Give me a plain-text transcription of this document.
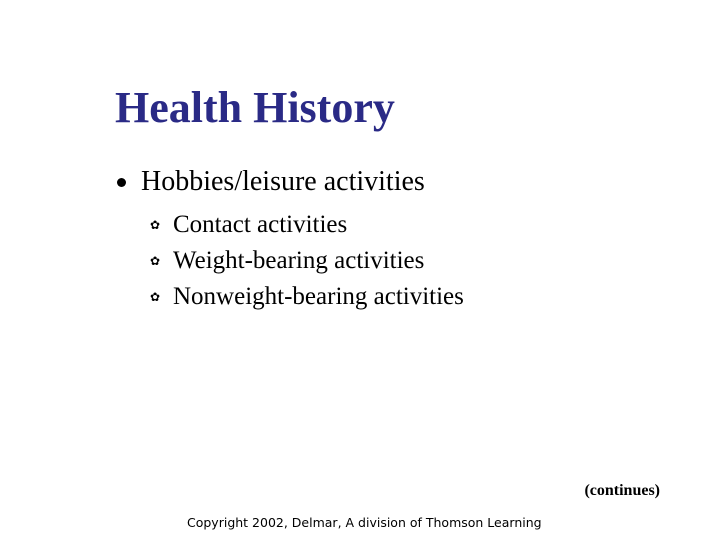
Health History
Hobbies/leisure activities
✿ Contact activities
✿ Weight-bearing activities
✿ Nonweight-bearing activities
(continues)
Copyright 2002, Delmar, A division of Thomson Learning
